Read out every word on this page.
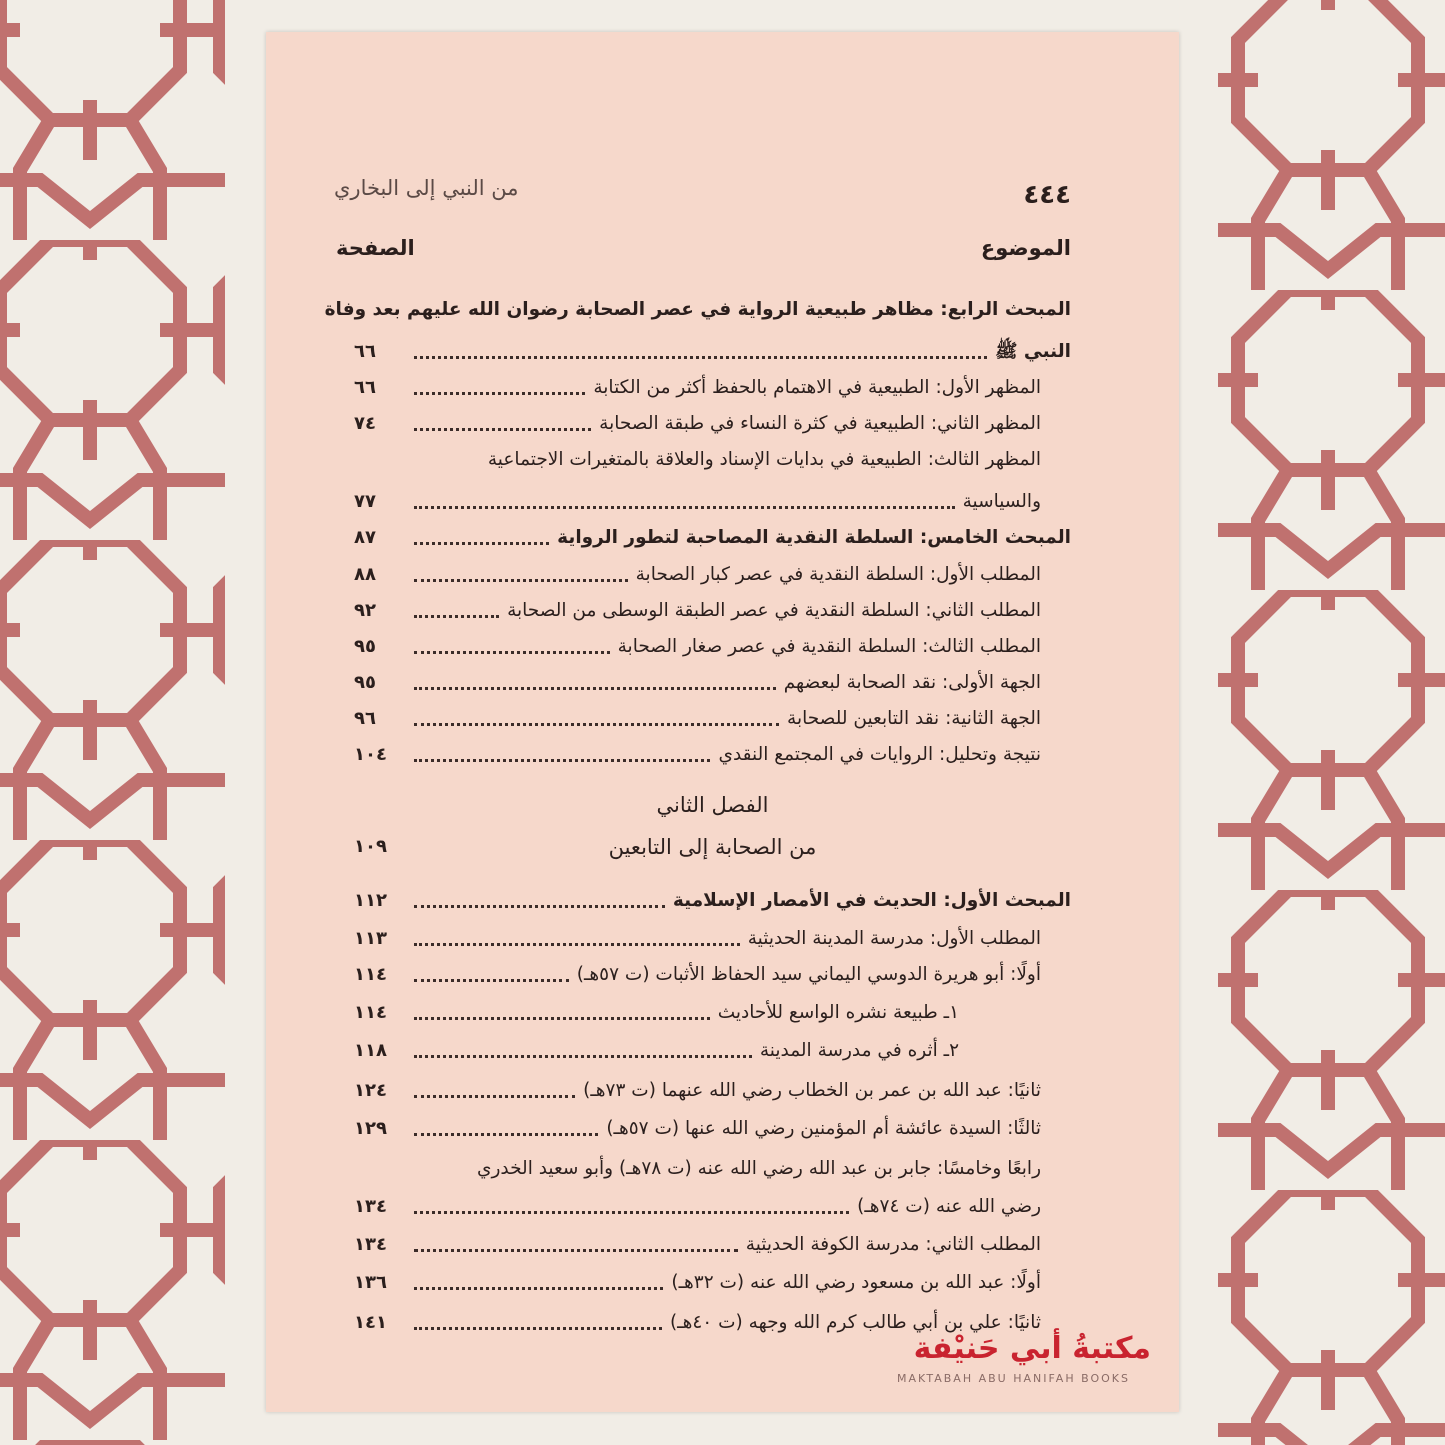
٤٤٤
من النبي إلى البخاري
الموضوع
الصفحة
المبحث الرابع: مظاهر طبيعية الرواية في عصر الصحابة رضوان الله عليهم بعد وفاة
النبي ﷺ
٦٦
المظهر الأول: الطبيعية في الاهتمام بالحفظ أكثر من الكتابة
٦٦
المظهر الثاني: الطبيعية في كثرة النساء في طبقة الصحابة
٧٤
المظهر الثالث: الطبيعية في بدايات الإسناد والعلاقة بالمتغيرات الاجتماعية
والسياسية
٧٧
المبحث الخامس: السلطة النقدية المصاحبة لتطور الرواية
٨٧
المطلب الأول: السلطة النقدية في عصر كبار الصحابة
٨٨
المطلب الثاني: السلطة النقدية في عصر الطبقة الوسطى من الصحابة
٩٢
المطلب الثالث: السلطة النقدية في عصر صغار الصحابة
٩٥
الجهة الأولى: نقد الصحابة لبعضهم
٩٥
الجهة الثانية: نقد التابعين للصحابة
٩٦
نتيجة وتحليل: الروايات في المجتمع النقدي
١٠٤
الفصل الثاني
من الصحابة إلى التابعين
١٠٩
المبحث الأول: الحديث في الأمصار الإسلامية
١١٢
المطلب الأول: مدرسة المدينة الحديثية
١١٣
أولًا: أبو هريرة الدوسي اليماني سيد الحفاظ الأثبات (ت ٥٧هـ)
١١٤
١ـ طبيعة نشره الواسع للأحاديث
١١٤
٢ـ أثره في مدرسة المدينة
١١٨
ثانيًا: عبد الله بن عمر بن الخطاب رضي الله عنهما (ت ٧٣هـ)
١٢٤
ثالثًا: السيدة عائشة أم المؤمنين رضي الله عنها (ت ٥٧هـ)
١٢٩
رابعًا وخامسًا: جابر بن عبد الله رضي الله عنه (ت ٧٨هـ) وأبو سعيد الخدري
رضي الله عنه (ت ٧٤هـ)
١٣٤
المطلب الثاني: مدرسة الكوفة الحديثية
١٣٤
أولًا: عبد الله بن مسعود رضي الله عنه (ت ٣٢هـ)
١٣٦
ثانيًا: علي بن أبي طالب كرم الله وجهه (ت ٤٠هـ)
١٤١
مكتبةُ أبي حَنيْفة
MAKTABAH ABU HANIFAH BOOKS
